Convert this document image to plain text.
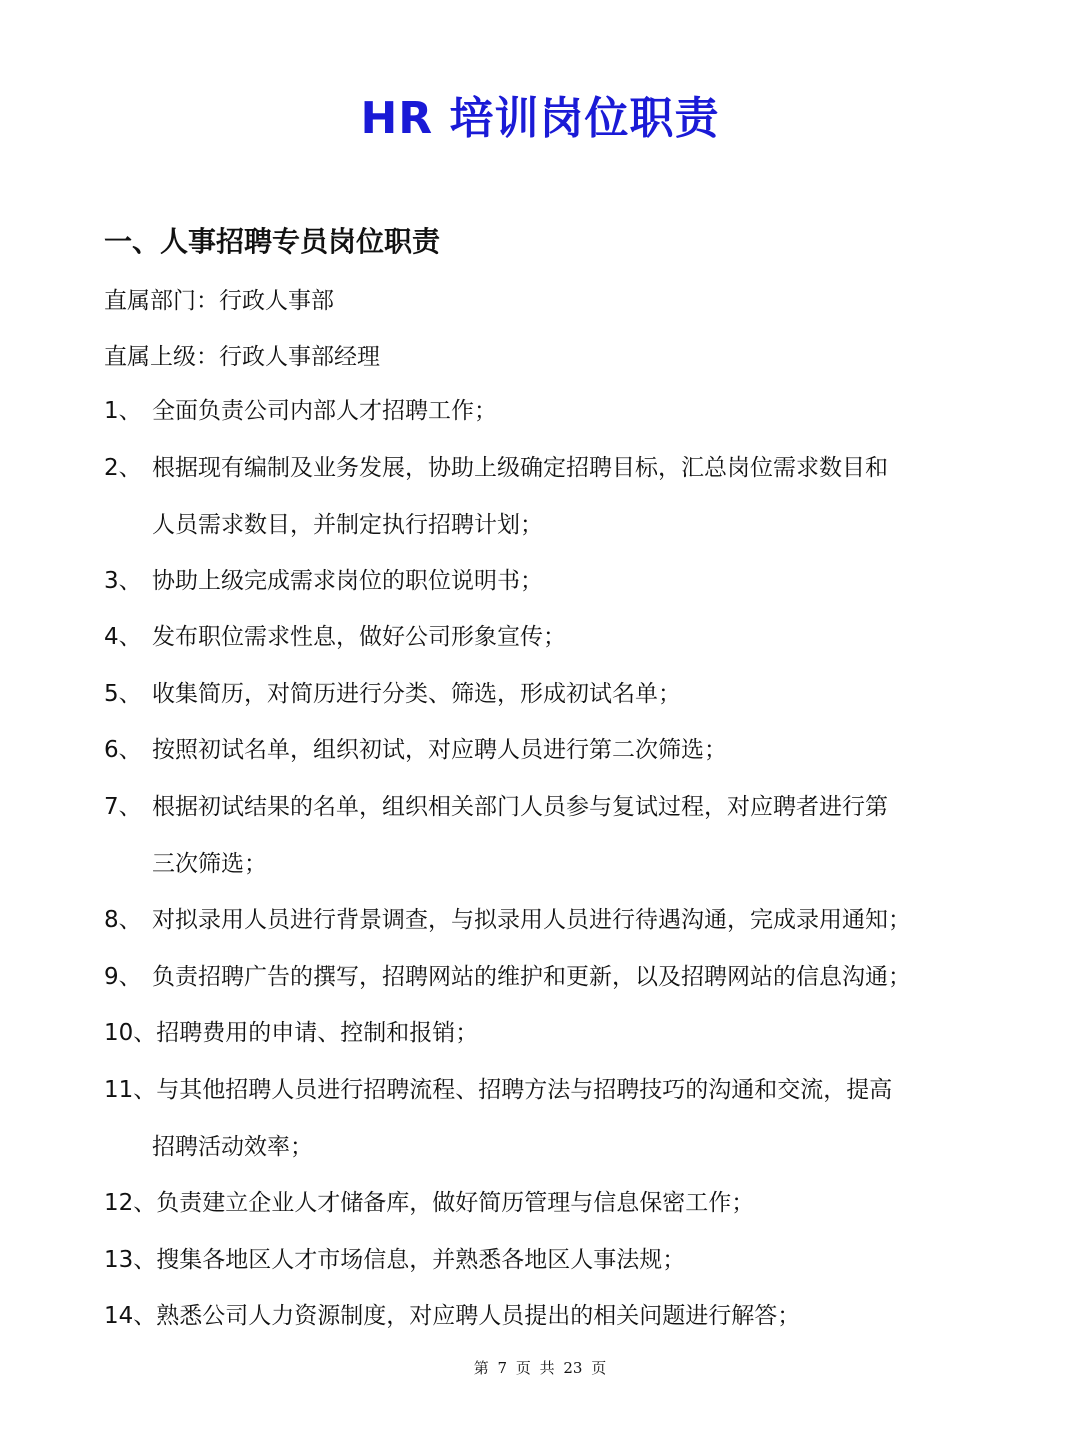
HR 培训岗位职责
一、人事招聘专员岗位职责
直属部门：行政人事部
直属上级：行政人事部经理
1、 全面负责公司内部人才招聘工作；
2、 根据现有编制及业务发展，协助上级确定招聘目标，汇总岗位需求数目和
人员需求数目，并制定执行招聘计划；
3、 协助上级完成需求岗位的职位说明书；
4、 发布职位需求性息，做好公司形象宣传；
5、 收集简历，对简历进行分类、筛选，形成初试名单；
6、 按照初试名单，组织初试，对应聘人员进行第二次筛选；
7、 根据初试结果的名单，组织相关部门人员参与复试过程，对应聘者进行第
三次筛选；
8、 对拟录用人员进行背景调查，与拟录用人员进行待遇沟通，完成录用通知；
9、 负责招聘广告的撰写，招聘网站的维护和更新，以及招聘网站的信息沟通；
10、招聘费用的申请、控制和报销；
11、与其他招聘人员进行招聘流程、招聘方法与招聘技巧的沟通和交流，提高
招聘活动效率；
12、负责建立企业人才储备库，做好简历管理与信息保密工作；
13、搜集各地区人才市场信息，并熟悉各地区人事法规；
14、熟悉公司人力资源制度，对应聘人员提出的相关问题进行解答；
第 7 页 共 23 页
